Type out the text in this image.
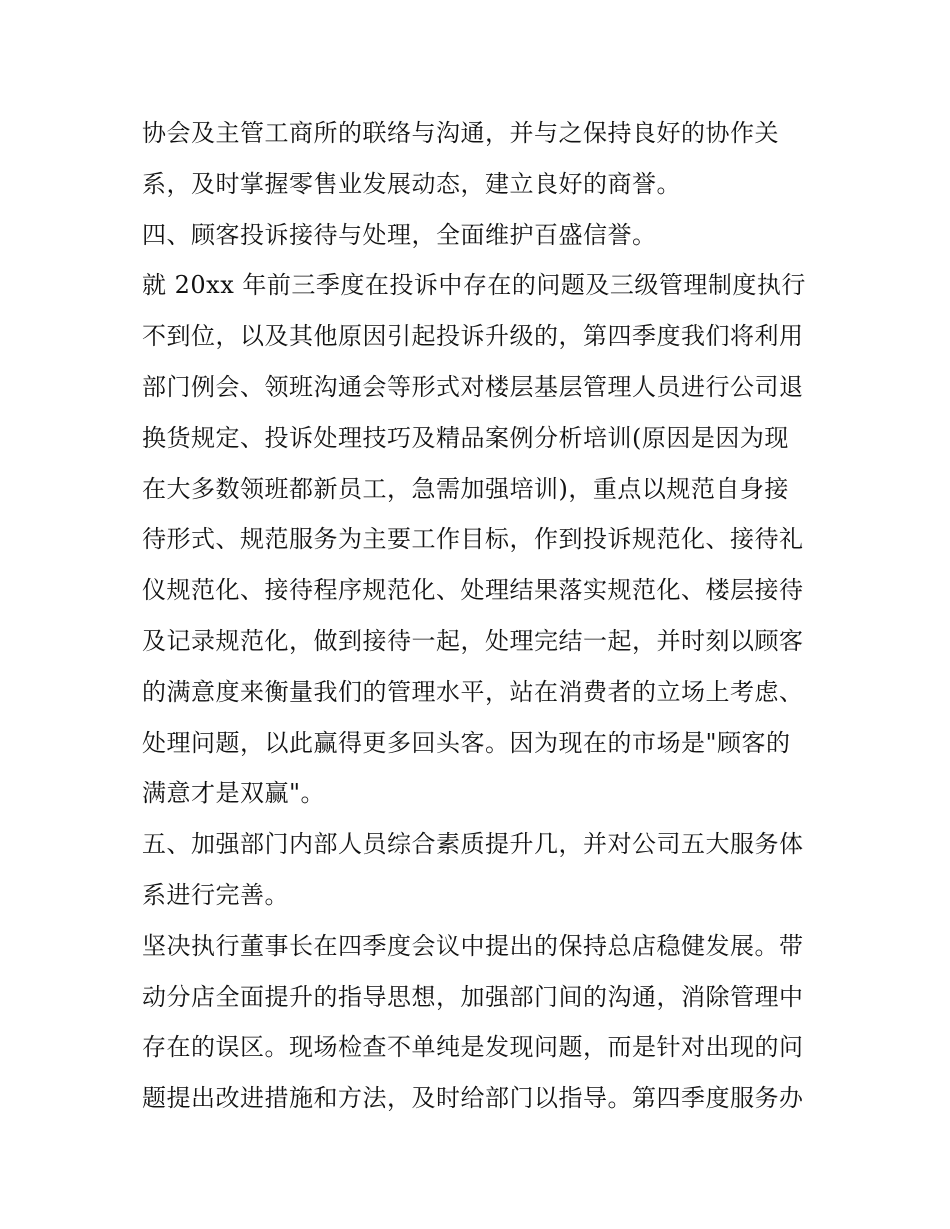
协会及主管工商所的联络与沟通，并与之保持良好的协作关
系，及时掌握零售业发展动态，建立良好的商誉。
四、顾客投诉接待与处理，全面维护百盛信誉。
就 20xx 年前三季度在投诉中存在的问题及三级管理制度执行
不到位，以及其他原因引起投诉升级的，第四季度我们将利用
部门例会、领班沟通会等形式对楼层基层管理人员进行公司退
换货规定、投诉处理技巧及精品案例分析培训(原因是因为现
在大多数领班都新员工，急需加强培训)，重点以规范自身接
待形式、规范服务为主要工作目标，作到投诉规范化、接待礼
仪规范化、接待程序规范化、处理结果落实规范化、楼层接待
及记录规范化，做到接待一起，处理完结一起，并时刻以顾客
的满意度来衡量我们的管理水平，站在消费者的立场上考虑、
处理问题，以此赢得更多回头客。因为现在的市场是"顾客的
满意才是双赢"。
五、加强部门内部人员综合素质提升几，并对公司五大服务体
系进行完善。
坚决执行董事长在四季度会议中提出的保持总店稳健发展。带
动分店全面提升的指导思想，加强部门间的沟通，消除管理中
存在的误区。现场检查不单纯是发现问题，而是针对出现的问
题提出改进措施和方法，及时给部门以指导。第四季度服务办
